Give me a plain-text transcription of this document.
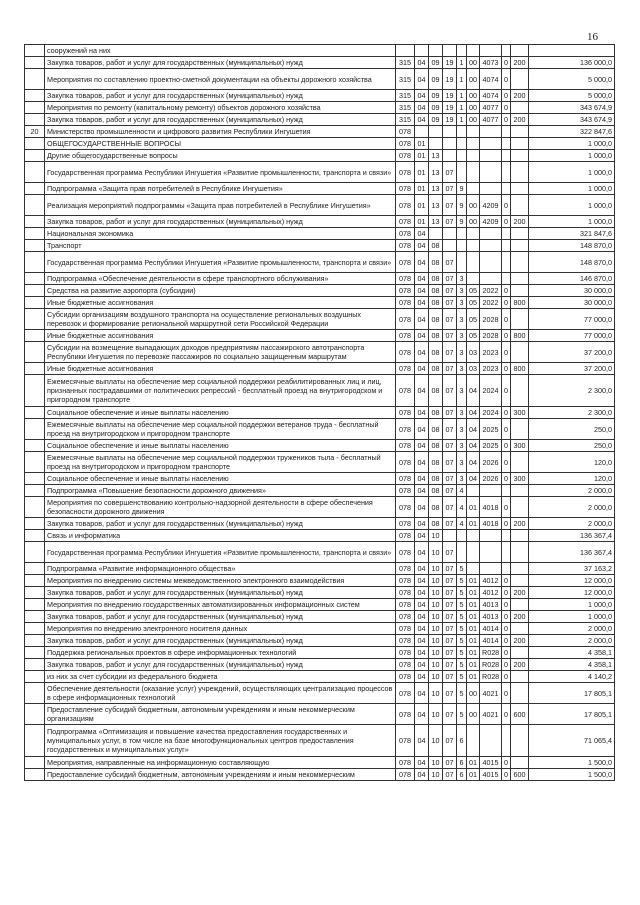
16
	сооружений на них										
	Закупка товаров, работ и услуг для государственных (муниципальных) нужд	315	04	09	19	1	00	4073	0	200	136 000,0
	Мероприятия по составлению проектно-сметной документации на объекты дорожного хозяйства	315	04	09	19	1	00	4074	0		5 000,0
	Закупка товаров, работ и услуг для государственных (муниципальных) нужд	315	04	09	19	1	00	4074	0	200	5 000,0
	Мероприятия по ремонту (капитальному ремонту) объектов дорожного хозяйства	315	04	09	19	1	00	4077	0		343 674,9
	Закупка товаров, работ и услуг для государственных (муниципальных) нужд	315	04	09	19	1	00	4077	0	200	343 674,9
20	Министерство промышленности и цифрового развития Республики Ингушетия	078									322 847,6
	ОБЩЕГОСУДАРСТВЕННЫЕ ВОПРОСЫ	078	01								1 000,0
	Другие общегосударственные вопросы	078	01	13							1 000,0
	Государственная программа Республики Ингушетия «Развитие промышленности, транспорта и связи»	078	01	13	07						1 000,0
	Подпрограмма «Защита прав потребителей в Республике Ингушетия»	078	01	13	07	9					1 000,0
	Реализация мероприятий подпрограммы «Защита прав потребителей в Республике Ингушетия»	078	01	13	07	9	00	4209	0		1 000,0
	Закупка товаров, работ и услуг для государственных (муниципальных) нужд	078	01	13	07	9	00	4209	0	200	1 000,0
	Национальная экономика	078	04								321 847,6
	Транспорт	078	04	08							148 870,0
	Государственная программа Республики Ингушетия «Развитие промышленности, транспорта и связи»	078	04	08	07						148 870,0
	Подпрограмма «Обеспечение деятельности в сфере транспортного обслуживания»	078	04	08	07	3					146 870,0
	Средства на развитие аэропорта (субсидии)	078	04	08	07	3	05	2022	0		30 000,0
	Иные бюджетные ассигнования	078	04	08	07	3	05	2022	0	800	30 000,0
	Субсидии организациям воздушного транспорта на осуществление региональных воздушных перевозок и формирование региональной маршрутной сети Российской Федерации	078	04	08	07	3	05	2028	0		77 000,0
	Иные бюджетные ассигнования	078	04	08	07	3	05	2028	0	800	77 000,0
	Субсидии на возмещение выпадающих доходов предприятиям пассажирского автотранспорта Республики Ингушетия по перевозке пассажиров по социально защищенным маршрутам	078	04	08	07	3	03	2023	0		37 200,0
	Иные бюджетные ассигнования	078	04	08	07	3	03	2023	0	800	37 200,0
	Ежемесячные выплаты на обеспечение мер социальной поддержки реабилитированных лиц и лиц, признанных пострадавшими от политических репрессий - бесплатный проезд на внутригородском и пригородном транспорте	078	04	08	07	3	04	2024	0		2 300,0
	Социальное обеспечение и иные выплаты населению	078	04	08	07	3	04	2024	0	300	2 300,0
	Ежемесячные выплаты на обеспечение мер социальной поддержки ветеранов труда - бесплатный проезд на внутригородском и пригородном транспорте	078	04	08	07	3	04	2025	0		250,0
	Социальное обеспечение и иные выплаты населению	078	04	08	07	3	04	2025	0	300	250,0
	Ежемесячные выплаты на обеспечение мер социальной поддержки тружеников тыла - бесплатный проезд на внутригородском и пригородном транспорте	078	04	08	07	3	04	2026	0		120,0
	Социальное обеспечение и иные выплаты населению	078	04	08	07	3	04	2026	0	300	120,0
	Подпрограмма «Повышение безопасности дорожного движения»	078	04	08	07	4					2 000,0
	Мероприятия по совершенствованию контрольно-надзорной деятельности в сфере обеспечения безопасности дорожного движения	078	04	08	07	4	01	4018	0		2 000,0
	Закупка товаров, работ и услуг для государственных (муниципальных) нужд	078	04	08	07	4	01	4018	0	200	2 000,0
	Связь и информатика	078	04	10							136 367,4
	Государственная программа Республики Ингушетия «Развитие промышленности, транспорта и связи»	078	04	10	07						136 367,4
	Подпрограмма «Развитие информационного общества»	078	04	10	07	5					37 163,2
	Мероприятия по внедрению системы межведомственного электронного взаимодействия	078	04	10	07	5	01	4012	0		12 000,0
	Закупка товаров, работ и услуг для государственных (муниципальных) нужд	078	04	10	07	5	01	4012	0	200	12 000,0
	Мероприятия по внедрению государственных автоматизированных информационных систем	078	04	10	07	5	01	4013	0		1 000,0
	Закупка товаров, работ и услуг для государственных (муниципальных) нужд	078	04	10	07	5	01	4013	0	200	1 000,0
	Мероприятия по внедрению электронного носителя данных	078	04	10	07	5	01	4014	0		2 000,0
	Закупка товаров, работ и услуг для государственных (муниципальных) нужд	078	04	10	07	5	01	4014	0	200	2 000,0
	Поддержка региональных проектов в сфере информационных технологий	078	04	10	07	5	01	R028	0		4 358,1
	Закупка товаров, работ и услуг для государственных (муниципальных) нужд	078	04	10	07	5	01	R028	0	200	4 358,1
	из них за счет субсидии из федерального бюджета	078	04	10	07	5	01	R028	0		4 140,2
	Обеспечение деятельности (оказание услуг) учреждений, осуществляющих централизацию процессов в сфере информационных технологий	078	04	10	07	5	00	4021	0		17 805,1
	Предоставление субсидий бюджетным, автономным учреждениям и иным некоммерческим организациям	078	04	10	07	5	00	4021	0	600	17 805,1
	Подпрограмма «Оптимизация и повышение качества предоставления государственных и муниципальных услуг, в том числе на базе многофункциональных центров предоставления государственных и муниципальных услуг»	078	04	10	07	6					71 065,4
	Мероприятия, направленные на информационную составляющую	078	04	10	07	6	01	4015	0		1 500,0
	Предоставление субсидий бюджетным, автономным учреждениям и иным некоммерческим	078	04	10	07	6	01	4015	0	600	1 500,0
